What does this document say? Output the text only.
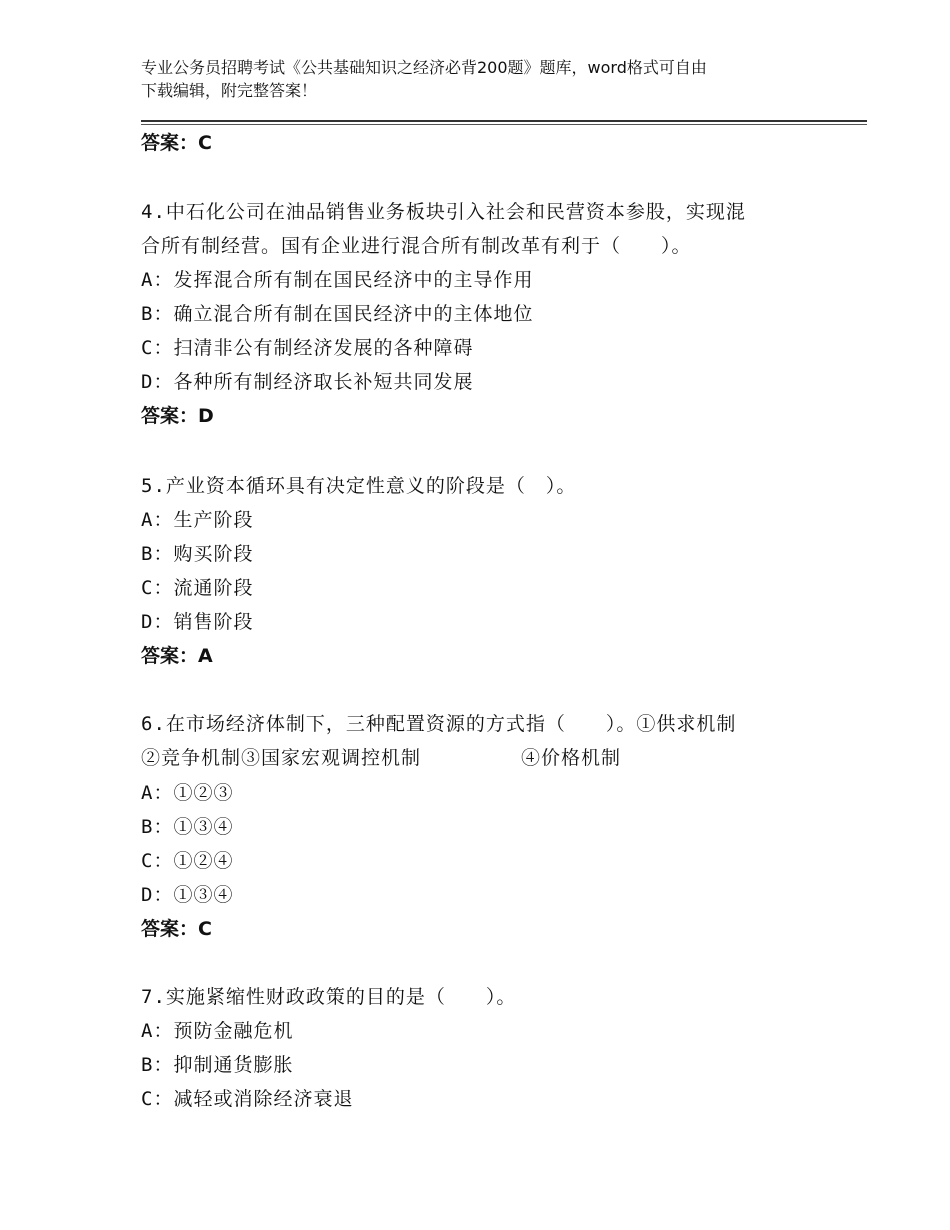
专业公务员招聘考试《公共基础知识之经济必背200题》题库，word格式可自由
下载编辑，附完整答案！
答案：C
4.中石化公司在油品销售业务板块引入社会和民营资本参股，实现混
合所有制经营。国有企业进行混合所有制改革有利于（　　）。
A：发挥混合所有制在国民经济中的主导作用
B：确立混合所有制在国民经济中的主体地位
C：扫清非公有制经济发展的各种障碍
D：各种所有制经济取长补短共同发展
答案：D
5.产业资本循环具有决定性意义的阶段是（　）。
A：生产阶段
B：购买阶段
C：流通阶段
D：销售阶段
答案：A
6.在市场经济体制下，三种配置资源的方式指（　　）。①供求机制
②竞争机制③国家宏观调控机制　　　　　④价格机制
A：①②③
B：①③④
C：①②④
D：①③④
答案：C
7.实施紧缩性财政政策的目的是（　　）。
A：预防金融危机
B：抑制通货膨胀
C：减轻或消除经济衰退
